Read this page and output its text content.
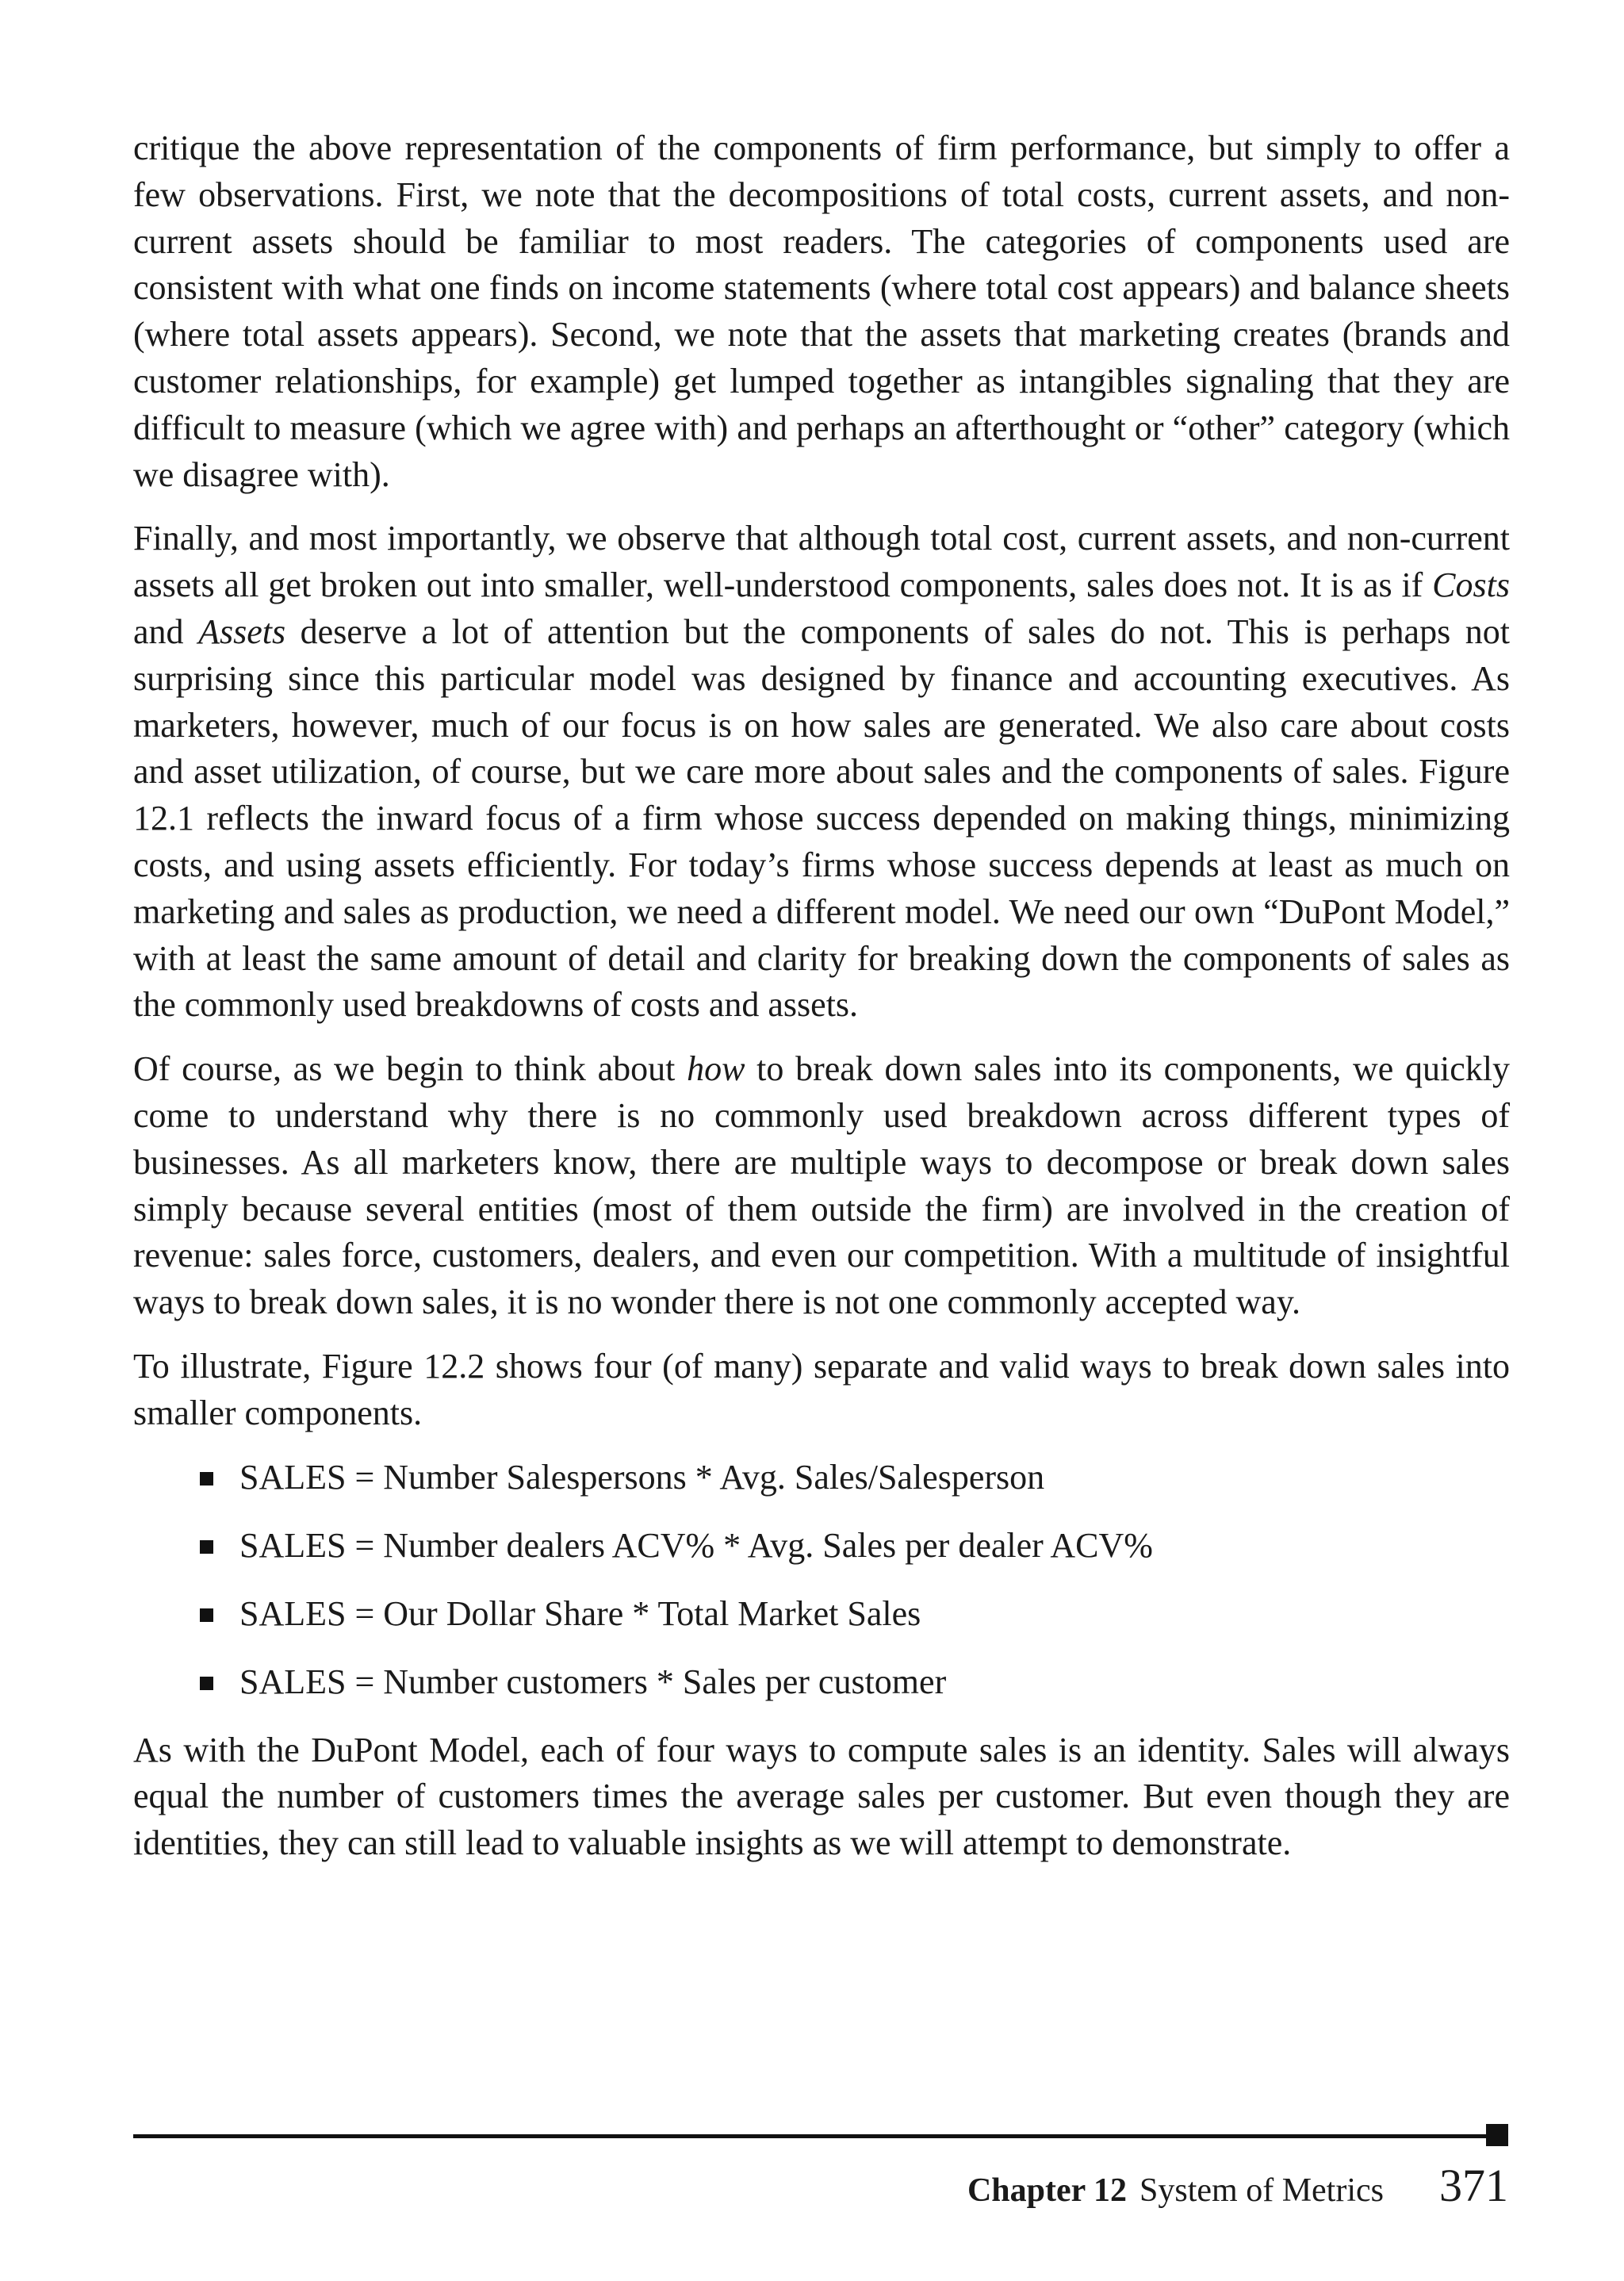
critique the above representation of the components of firm performance, but simply to offer a few observations. First, we note that the decompositions of total costs, current assets, and non-current assets should be familiar to most readers. The categories of components used are consistent with what one finds on income statements (where total cost appears) and balance sheets (where total assets appears). Second, we note that the assets that marketing creates (brands and customer relationships, for example) get lumped together as intangibles signaling that they are difficult to measure (which we agree with) and perhaps an afterthought or “other” category (which we disagree with).

Finally, and most importantly, we observe that although total cost, current assets, and non-current assets all get broken out into smaller, well-understood components, sales does not. It is as if Costs and Assets deserve a lot of attention but the components of sales do not. This is perhaps not surprising since this particular model was designed by finance and accounting executives. As marketers, however, much of our focus is on how sales are generated. We also care about costs and asset utilization, of course, but we care more about sales and the components of sales. Figure 12.1 reflects the inward focus of a firm whose success depended on making things, minimizing costs, and using assets efficiently. For today’s firms whose success depends at least as much on marketing and sales as production, we need a different model. We need our own “DuPont Model,” with at least the same amount of detail and clarity for breaking down the components of sales as the commonly used breakdowns of costs and assets.

Of course, as we begin to think about how to break down sales into its components, we quickly come to understand why there is no commonly used breakdown across different types of businesses. As all marketers know, there are multiple ways to decompose or break down sales simply because several entities (most of them outside the firm) are involved in the creation of revenue: sales force, customers, dealers, and even our competition. With a multitude of insightful ways to break down sales, it is no wonder there is not one commonly accepted way.

To illustrate, Figure 12.2 shows four (of many) separate and valid ways to break down sales into smaller components.

SALES = Number Salespersons * Avg. Sales/Salesperson
SALES = Number dealers ACV% * Avg. Sales per dealer ACV%
SALES = Our Dollar Share * Total Market Sales
SALES = Number customers * Sales per customer

As with the DuPont Model, each of four ways to compute sales is an identity. Sales will always equal the number of customers times the average sales per customer. But even though they are identities, they can still lead to valuable insights as we will attempt to demonstrate.

Chapter 12 System of Metrics 371
